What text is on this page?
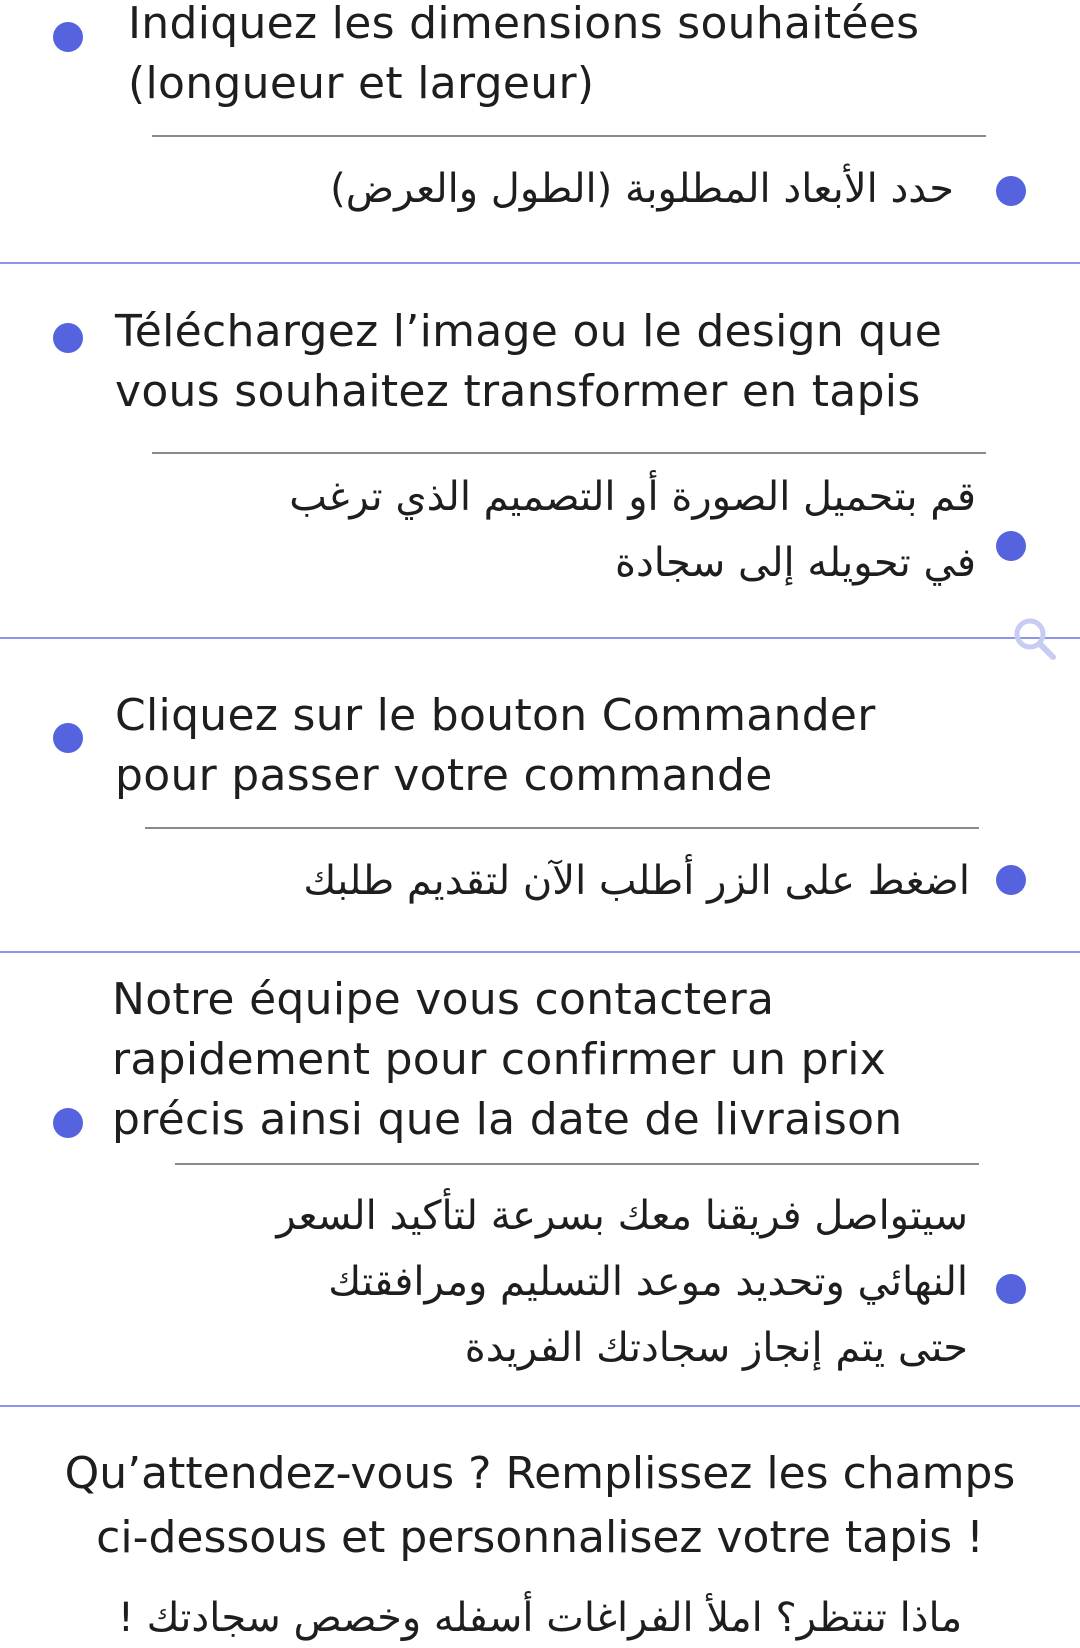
Indiquez les dimensions souhaitées
(longueur et largeur)
حدد الأبعاد المطلوبة (الطول والعرض)
Téléchargez l’image ou le design que
vous souhaitez transformer en tapis
قم بتحميل الصورة أو التصميم الذي ترغب
في تحويله إلى سجادة
Cliquez sur le bouton Commander
pour passer votre commande
اضغط على الزر أطلب الآن لتقديم طلبك
Notre équipe vous contactera
rapidement pour confirmer un prix
précis ainsi que la date de livraison
سيتواصل فريقنا معك بسرعة لتأكيد السعر
النهائي وتحديد موعد التسليم ومرافقتك
حتى يتم إنجاز سجادتك الفريدة
Qu’attendez-vous ? Remplissez les champs
ci-dessous et personnalisez votre tapis !
ماذا تنتظر؟ املأ الفراغات أسفله وخصص سجادتك !
